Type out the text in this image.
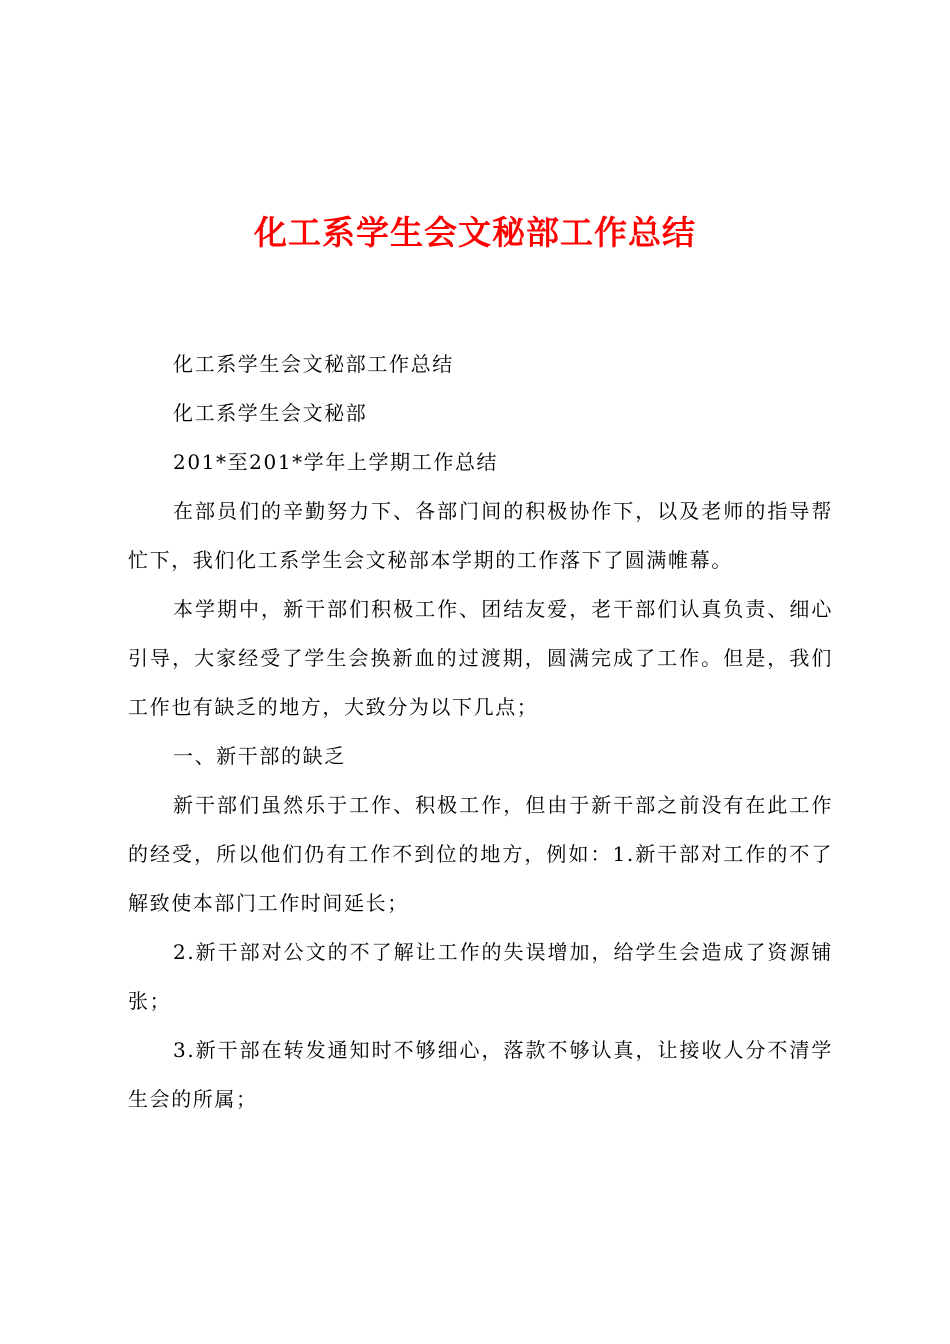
化工系学生会文秘部工作总结

化工系学生会文秘部工作总结

化工系学生会文秘部

201*至201*学年上学期工作总结

在部员们的辛勤努力下、各部门间的积极协作下，以及老师的指导帮忙下，我们化工系学生会文秘部本学期的工作落下了圆满帷幕。

本学期中，新干部们积极工作、团结友爱，老干部们认真负责、细心引导，大家经受了学生会换新血的过渡期，圆满完成了工作。但是，我们工作也有缺乏的地方，大致分为以下几点；

一、新干部的缺乏

新干部们虽然乐于工作、积极工作，但由于新干部之前没有在此工作的经受，所以他们仍有工作不到位的地方，例如：1.新干部对工作的不了解致使本部门工作时间延长；

2.新干部对公文的不了解让工作的失误增加，给学生会造成了资源铺张；

3.新干部在转发通知时不够细心，落款不够认真，让接收人分不清学生会的所属；
